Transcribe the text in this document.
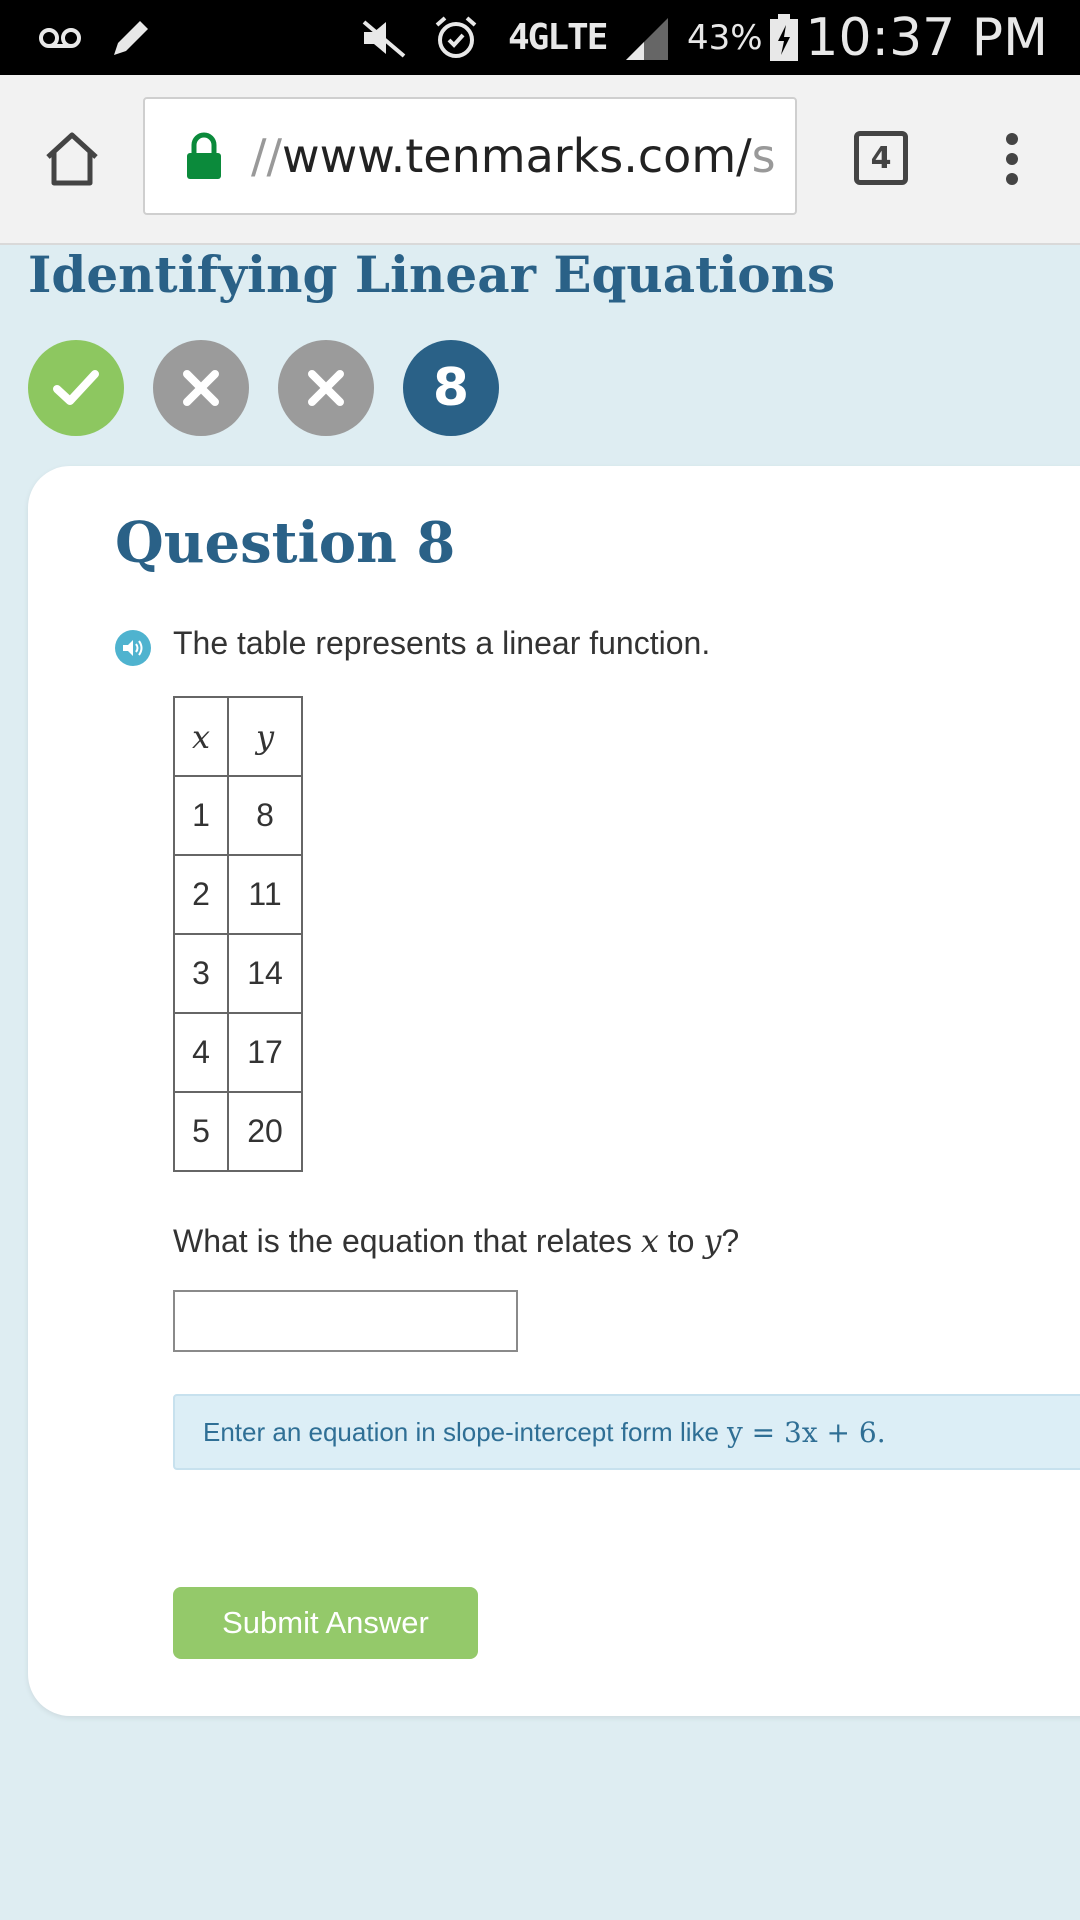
4GLTE 43% 10:37 PM
// www.tenmarks.com/ s	4
Identifying Linear Equations
8
Question 8
The table represents a linear function.
x	y
1	8
2	11
3	14
4	17
5	20
What is the equation that relates x to y?
Enter an equation in slope-intercept form like y = 3x + 6.
Submit Answer
